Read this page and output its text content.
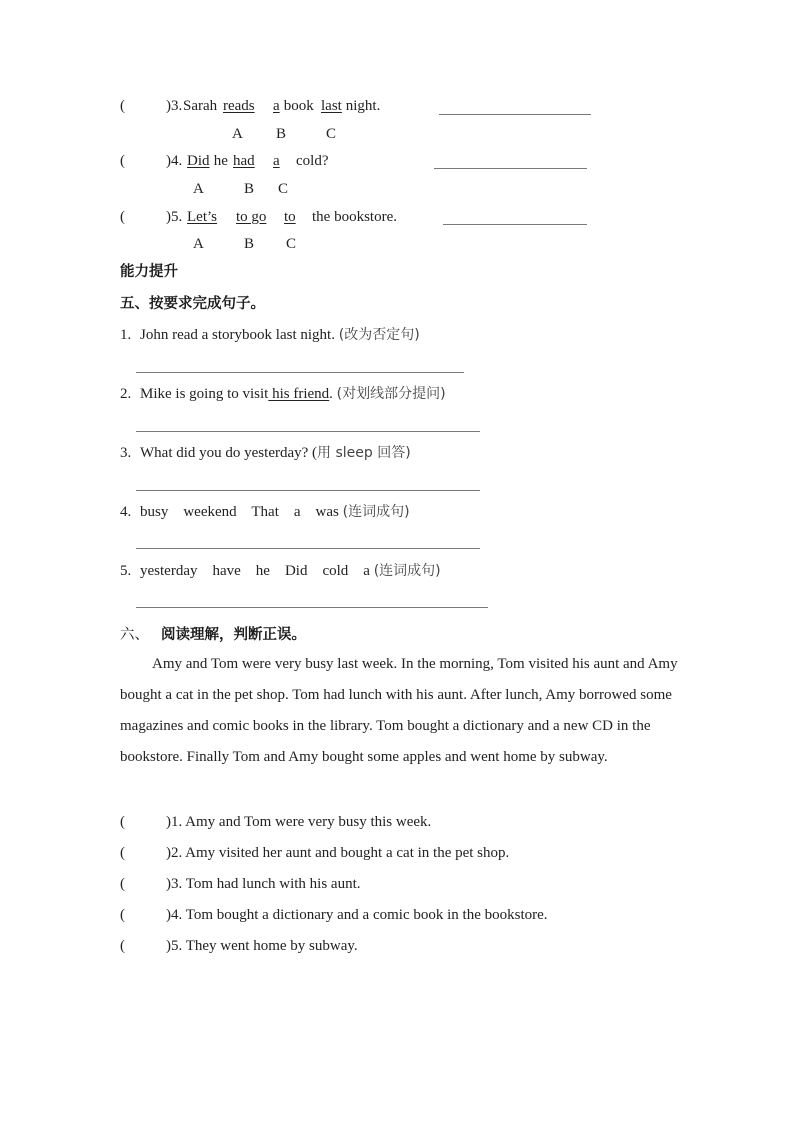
(	)3. Sarah reads a book last night.
A B	C
(	)4. Did he had a cold?
A	B C
(	)5. Let’s to go to the bookstore.
A	B C
能力提升
五、按要求完成句子。
1. John read a storybook last night. (改为否定句)
2. Mike is going to visit his friend. (对划线部分提问)
3. What did you do yesterday? (用 sleep 回答)
4. busy    weekend    That    a    was (连词成句)
5. yesterday    have    he    Did    cold    a (连词成句)
六、 阅读理解，判断正误。
Amy and Tom were very busy last week. In the morning, Tom visited his aunt and Amy bought a cat in the pet shop. Tom had lunch with his aunt. After lunch, Amy borrowed some magazines and comic books in the library. Tom bought a dictionary and a new CD in the bookstore. Finally Tom and Amy bought some apples and went home by subway.
(	)1. Amy and Tom were very busy this week.
(	)2. Amy visited her aunt and bought a cat in the pet shop.
(	)3. Tom had lunch with his aunt.
(	)4. Tom bought a dictionary and a comic book in the bookstore.
(	)5. They went home by subway.
